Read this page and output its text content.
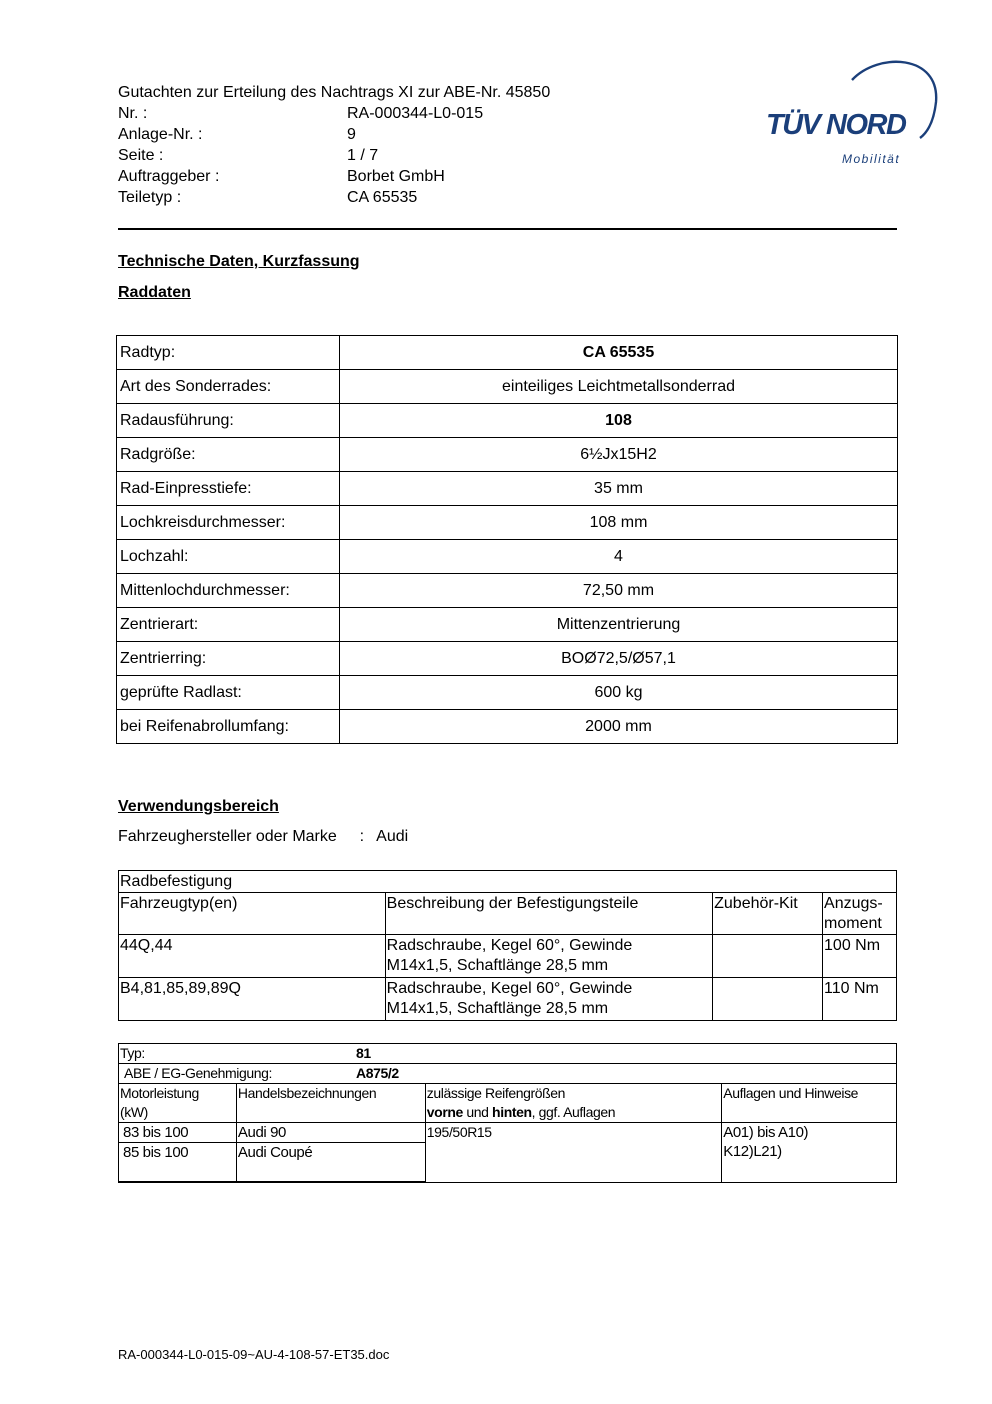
Gutachten zur Erteilung des Nachtrags XI zur ABE-Nr. 45850
Nr. :	RA-000344-L0-015
Anlage-Nr. :	9
Seite :	1 / 7
Auftraggeber :	Borbet GmbH
Teiletyp :	CA 65535
TÜV NORD
Mobilität
Technische Daten, Kurzfassung
Raddaten
Radtyp:	CA 65535
Art des Sonderrades:	einteiliges Leichtmetallsonderrad
Radausführung:	108
Radgröße:	6½Jx15H2
Rad-Einpresstiefe:	35 mm
Lochkreisdurchmesser:	108 mm
Lochzahl:	4
Mittenlochdurchmesser:	72,50 mm
Zentrierart:	Mittenzentrierung
Zentrierring:	BOØ72,5/Ø57,1
geprüfte Radlast:	600 kg
bei Reifenabrollumfang:	2000 mm
Verwendungsbereich
Fahrzeughersteller oder Marke : Audi
Radbefestigung			
Fahrzeugtyp(en)	Beschreibung der Befestigungsteile	Zubehör-Kit	Anzugs-
moment
44Q,44	Radschraube, Kegel 60°, Gewinde
M14x1,5, Schaftlänge 28,5 mm		100 Nm
B4,81,85,89,89Q	Radschraube, Kegel 60°, Gewinde
M14x1,5, Schaftlänge 28,5 mm		110 Nm
Typ: 81			
ABE / EG-Genehmigung: A875/2			
Motorleistung
(kW)	Handelsbezeichnungen	zulässige Reifengrößen
vorne und hinten, ggf. Auflagen	Auflagen und Hinweise
83 bis 100	Audi 90	195/50R15	A01) bis A10)
K12)L21)
85 bis 100	Audi Coupé		
RA-000344-L0-015-09~AU-4-108-57-ET35.doc
